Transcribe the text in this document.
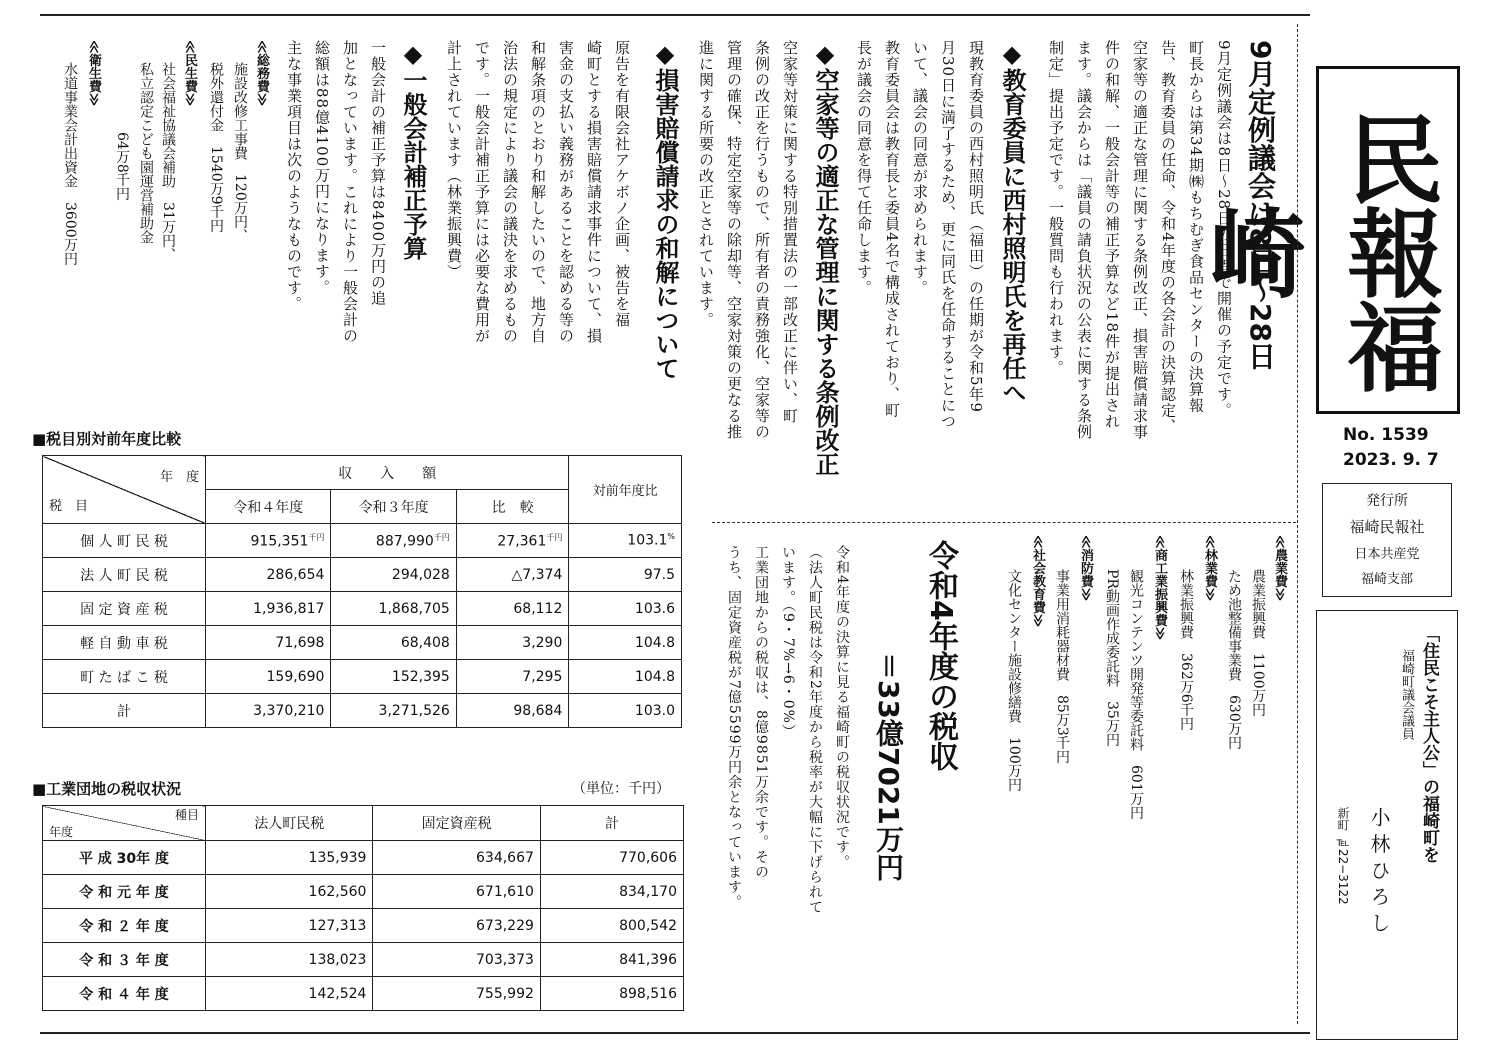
民報福崎
No. 1539
2023. 9. 7
発行所
福崎民報社
日本共産党
福崎支部
「住民こそ主人公」の福崎町を
福崎町議会議員
小 林 ひ ろ し
新町 ℡22−3122
9月定例議会は8日～28日
9月定例議会は8日～28日の日程で開催の予定です。
町長からは第34期㈱もちむぎ食品センターの決算報
告、教育委員の任命、令和4年度の各会計の決算認定、
空家等の適正な管理に関する条例改正、損害賠償請求事
件の和解、一般会計等の補正予算など18件が提出され
ます。議会からは「議員の請負状況の公表に関する条例
制定」提出予定です。一般質問も行われます。
◆教育委員に西村照明氏を再任へ
現教育委員の西村照明氏（福田）の任期が令和5年9
月30日に満了するため、更に同氏を任命することにつ
いて、議会の同意が求められます。
教育委員会は教育長と委員4名で構成されており、町
長が議会の同意を得て任命します。
◆空家等の適正な管理に関する条例改正
空家等対策に関する特別措置法の一部改正に伴い、町
条例の改正を行うもので、所有者の責務強化、空家等の
管理の確保、特定空家等の除却等、空家対策の更なる推
進に関する所要の改正とされています。
◆損害賠償請求の和解について
原告を有限会社アケボノ企画、被告を福
崎町とする損害賠償請求事件について、損
害金の支払い義務があることを認める等の
和解条項のとおり和解したいので、地方自
治法の規定により議会の議決を求めるもの
です。一般会計補正予算には必要な費用が
計上されています（林業振興費）
◆一般会計補正予算
一般会計の補正予算は8400万円の追
加となっています。これにより一般会計の
総額は88億4100万円になります。
主な事業項目は次のようなものです。
≪総務費≫
施設改修工事費　120万円、
税外還付金　1540万9千円
≪民生費≫
社会福祉協議会補助　31万円、
私立認定こども園運営補助金
　　　　　64万8千円
≪衛生費≫
水道事業会計出資金　3600万円
≪農業費≫
農業振興費　1100万円
ため池整備事業費　630万円
≪林業費≫
林業振興費　362万6千円
≪商工業振興費≫
観光コンテンツ開発等委託料　601万円
PR動画作成委託料　35万円
≪消防費≫
事業用消耗器材費　85万3千円
≪社会教育費≫
文化センター施設修繕費　100万円
令和4年度の税収
＝33億7021万円
令和4年度の決算に見る福崎町の税収状況です。
（法人町民税は令和2年度から税率が大幅に下げられて
います。（9・7%→6・0%）
工業団地からの税収は、8億9851万余です。その
うち、固定資産税が7億5599万円余となっています。
■税目別対前年度比較
年　度
税　目	収　　入　　額			対前年度比
	令和４年度	令和３年度	比　較	
個 人 町 民 税	$915,351^{千円}$	$887,990^{千円}$	$27,361^{千円}$	103.1%
法 人 町 民 税	286,654	294,028	△7,374	97.5
固 定 資 産 税	1,936,817	1,868,705	68,112	103.6
軽 自 動 車 税	71,698	68,408	3,290	104.8
町 た ば こ 税	159,690	152,395	7,295	104.8
計	3,370,210	3,271,526	98,684	103.0
■工業団地の税収状況	（単位：千円）
種目
年度	法人町民税	固定資産税	計
平 成 30年 度	135,939	634,667	770,606
令 和 元 年 度	162,560	671,610	834,170
令 和 ２ 年 度	127,313	673,229	800,542
令 和 ３ 年 度	138,023	703,373	841,396
令 和 ４ 年 度	142,524	755,992	898,516
